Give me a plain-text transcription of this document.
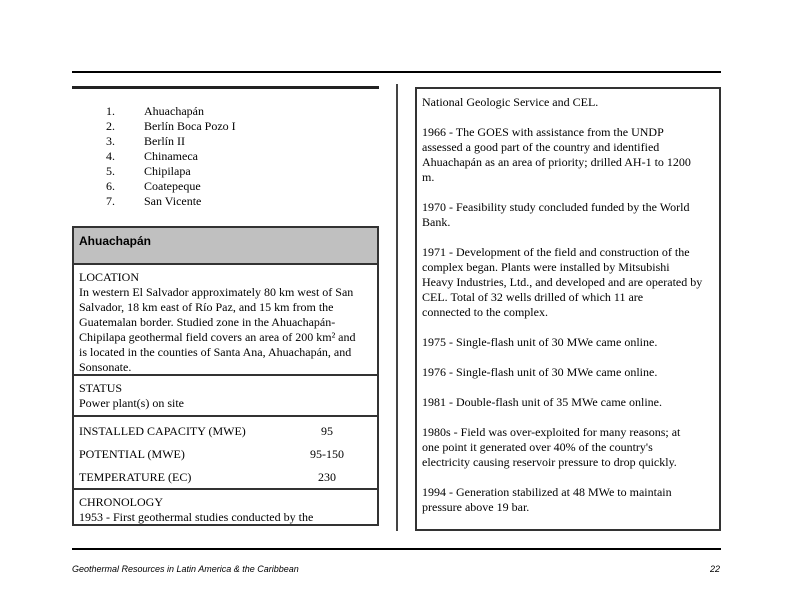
1. Ahuachapán
2. Berlín Boca Pozo I
3. Berlín II
4. Chinameca
5. Chipilapa
6. Coatepeque
7. San Vicente
Ahuachapán
LOCATION
In western El Salvador approximately 80 km west of San
Salvador, 18 km east of Río Paz, and 15 km from the
Guatemalan border. Studied zone in the Ahuachapán-
Chipilapa geothermal field covers an area of 200 km² and
is located in the counties of Santa Ana, Ahuachapán, and
Sonsonate.
STATUS
Power plant(s) on site
INSTALLED CAPACITY (MWE)	95
POTENTIAL (MWE)	95-150
TEMPERATURE (ЕC)	230
CHRONOLOGY
1953 - First geothermal studies conducted by the
National Geologic Service and CEL.
1966 - The GOES with assistance from the UNDP
assessed a good part of the country and identified
Ahuachapán as an area of priority; drilled AH-1 to 1200
m.
1970 - Feasibility study concluded funded by the World
Bank.
1971 - Development of the field and construction of the
complex began. Plants were installed by Mitsubishi
Heavy Industries, Ltd., and developed and are operated by
CEL. Total of 32 wells drilled of which 11 are
connected to the complex.
1975 - Single-flash unit of 30 MWe came online.
1976 - Single-flash unit of 30 MWe came online.
1981 - Double-flash unit of 35 MWe came online.
1980s - Field was over-exploited for many reasons; at
one point it generated over 40% of the country's
electricity causing reservoir pressure to drop quickly.
1994 - Generation stabilized at 48 MWe to maintain
pressure above 19 bar.
Geothermal Resources in Latin America & the Caribbean	22
